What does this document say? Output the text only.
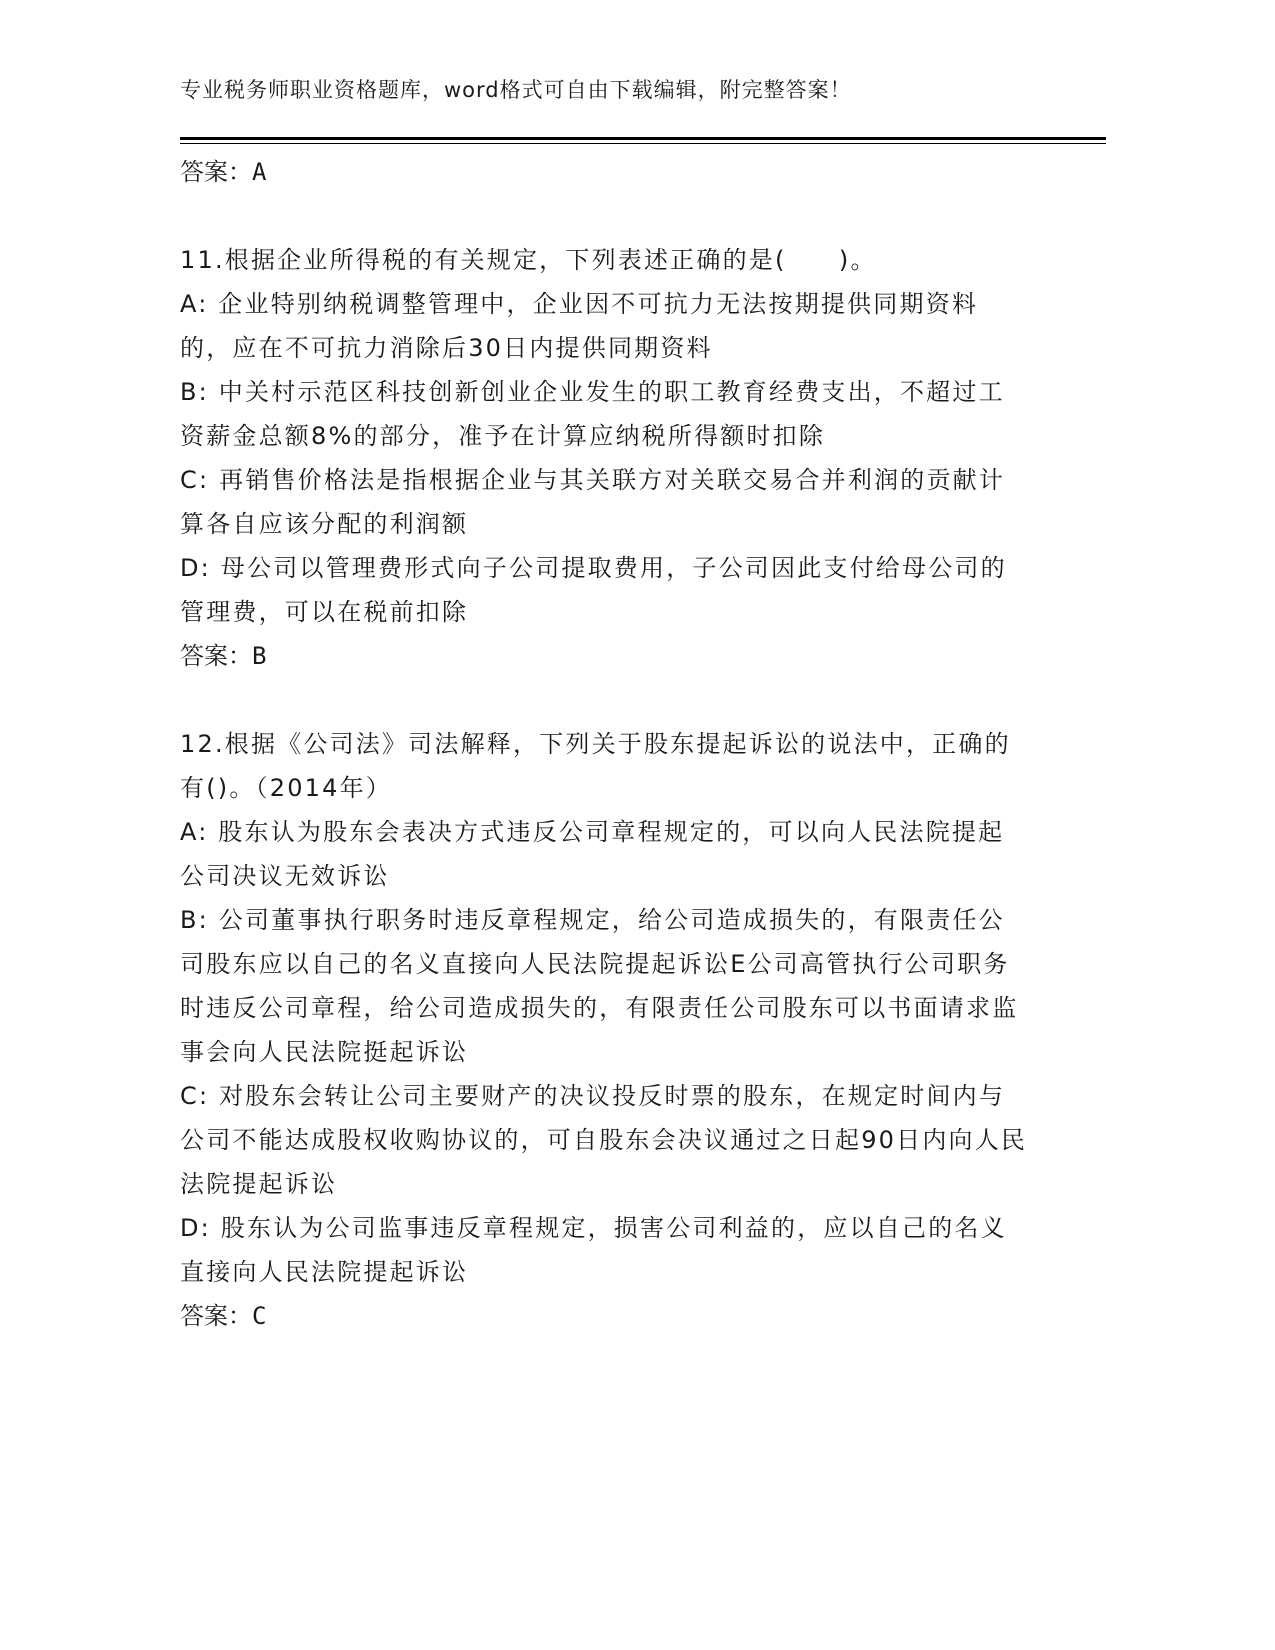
专业税务师职业资格题库，word格式可自由下载编辑，附完整答案！
答案：A

11.根据企业所得税的有关规定，下列表述正确的是(　　)。

A: 企业特别纳税调整管理中，企业因不可抗力无法按期提供同期资料的，应在不可抗力消除后30日内提供同期资料

B: 中关村示范区科技创新创业企业发生的职工教育经费支出，不超过工资薪金总额8%的部分，准予在计算应纳税所得额时扣除

C: 再销售价格法是指根据企业与其关联方对关联交易合并利润的贡献计算各自应该分配的利润额

D: 母公司以管理费形式向子公司提取费用，子公司因此支付给母公司的管理费，可以在税前扣除

答案：B

12.根据《公司法》司法解释，下列关于股东提起诉讼的说法中，正确的有()。（2014年）

A: 股东认为股东会表决方式违反公司章程规定的，可以向人民法院提起公司决议无效诉讼

B: 公司董事执行职务时违反章程规定，给公司造成损失的，有限责任公司股东应以自己的名义直接向人民法院提起诉讼E公司高管执行公司职务时违反公司章程，给公司造成损失的，有限责任公司股东可以书面请求监事会向人民法院挺起诉讼

C: 对股东会转让公司主要财产的决议投反时票的股东，在规定时间内与公司不能达成股权收购协议的，可自股东会决议通过之日起90日内向人民法院提起诉讼

D: 股东认为公司监事违反章程规定，损害公司利益的，应以自己的名义直接向人民法院提起诉讼

答案：C
